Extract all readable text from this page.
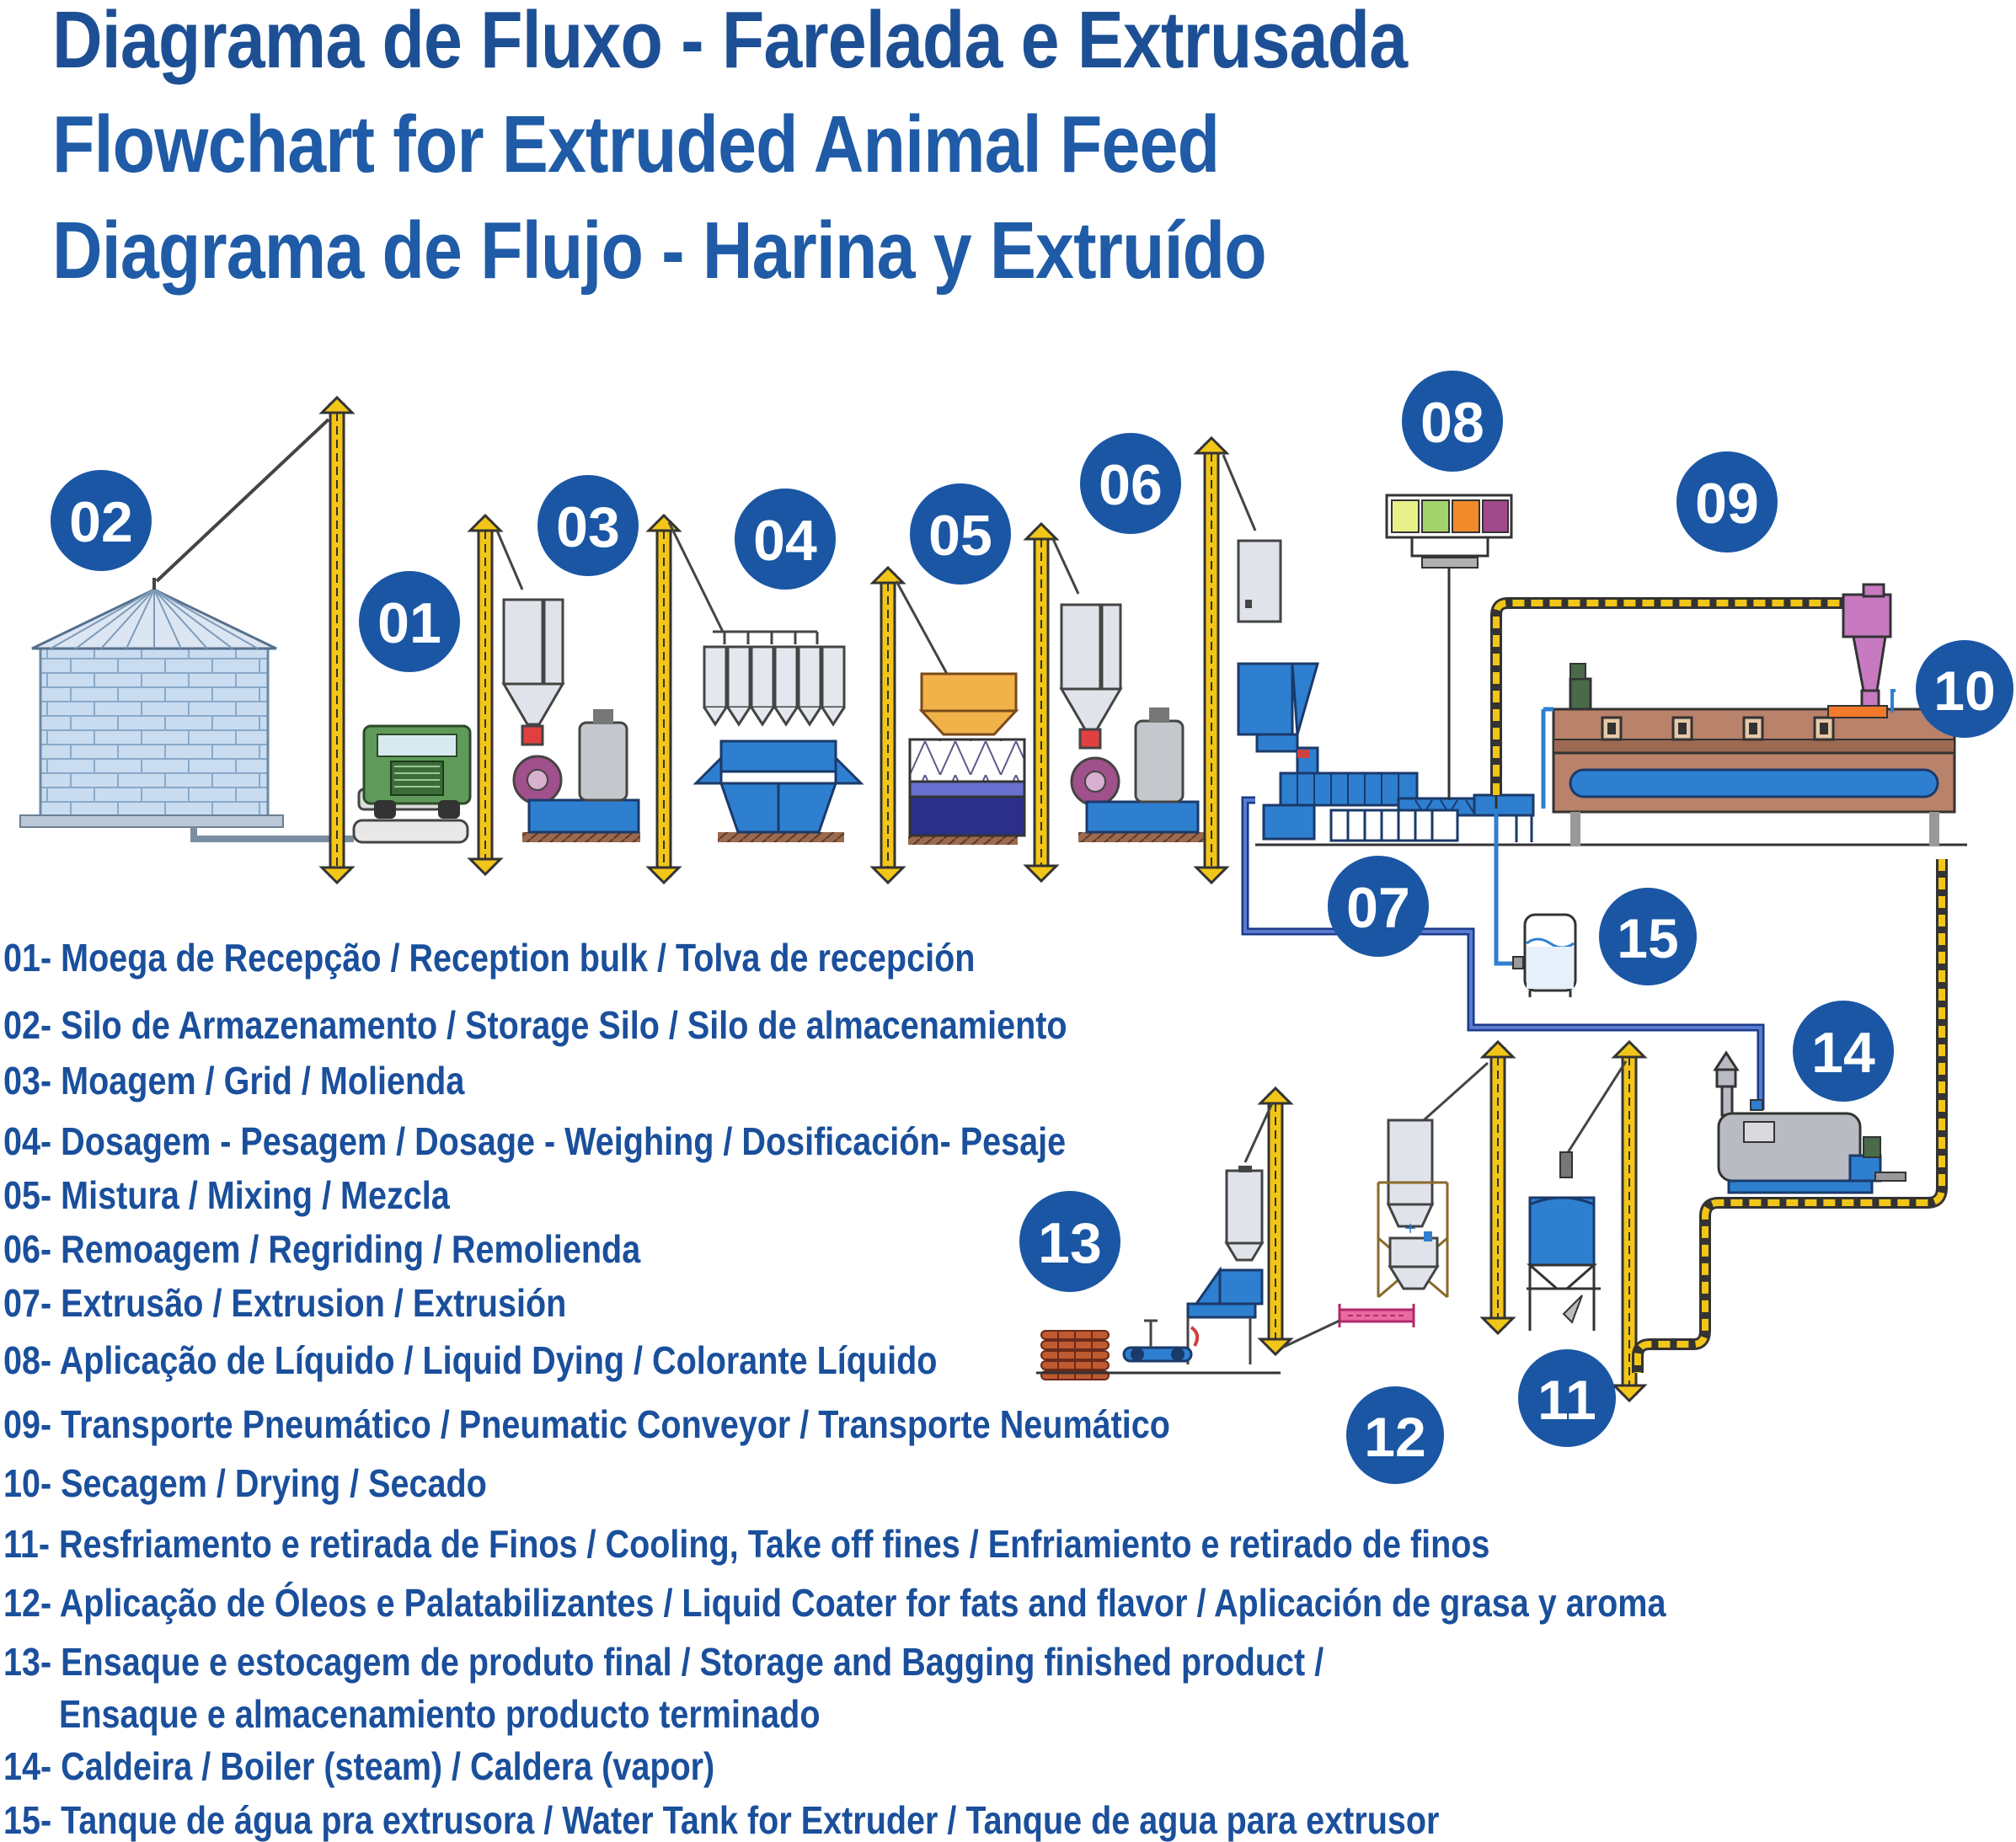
Diagrama de Fluxo - Farelada e Extrusada
Flowchart for Extruded Animal Feed
Diagrama de Flujo - Harina y Extruído
+
02
01
03 04 05
06
08
09
10
07	15
14
13
11
12

01- Moega de Recepção / Reception bulk / Tolva de recepción

02- Silo de Armazenamento / Storage Silo / Silo de almacenamiento

03- Moagem / Grid / Molienda

04- Dosagem - Pesagem / Dosage - Weighing / Dosificación- Pesaje

05- Mistura / Mixing / Mezcla

06- Remoagem / Regriding / Remolienda

07- Extrusão / Extrusion / Extrusión

08- Aplicação de Líquido / Liquid Dying / Colorante Líquido

09- Transporte Pneumático / Pneumatic Conveyor / Transporte Neumático

10- Secagem / Drying / Secado

11- Resfriamento e retirada de Finos / Cooling, Take off fines / Enfriamiento e retirado de finos

12- Aplicação de Óleos e Palatabilizantes / Liquid Coater for fats and flavor / Aplicación de grasa y aroma

13- Ensaque e estocagem de produto final / Storage and Bagging finished product /

Ensaque e almacenamiento producto terminado

14- Caldeira / Boiler (steam) / Caldera (vapor)

15- Tanque de água pra extrusora / Water Tank for Extruder / Tanque de agua para extrusor
